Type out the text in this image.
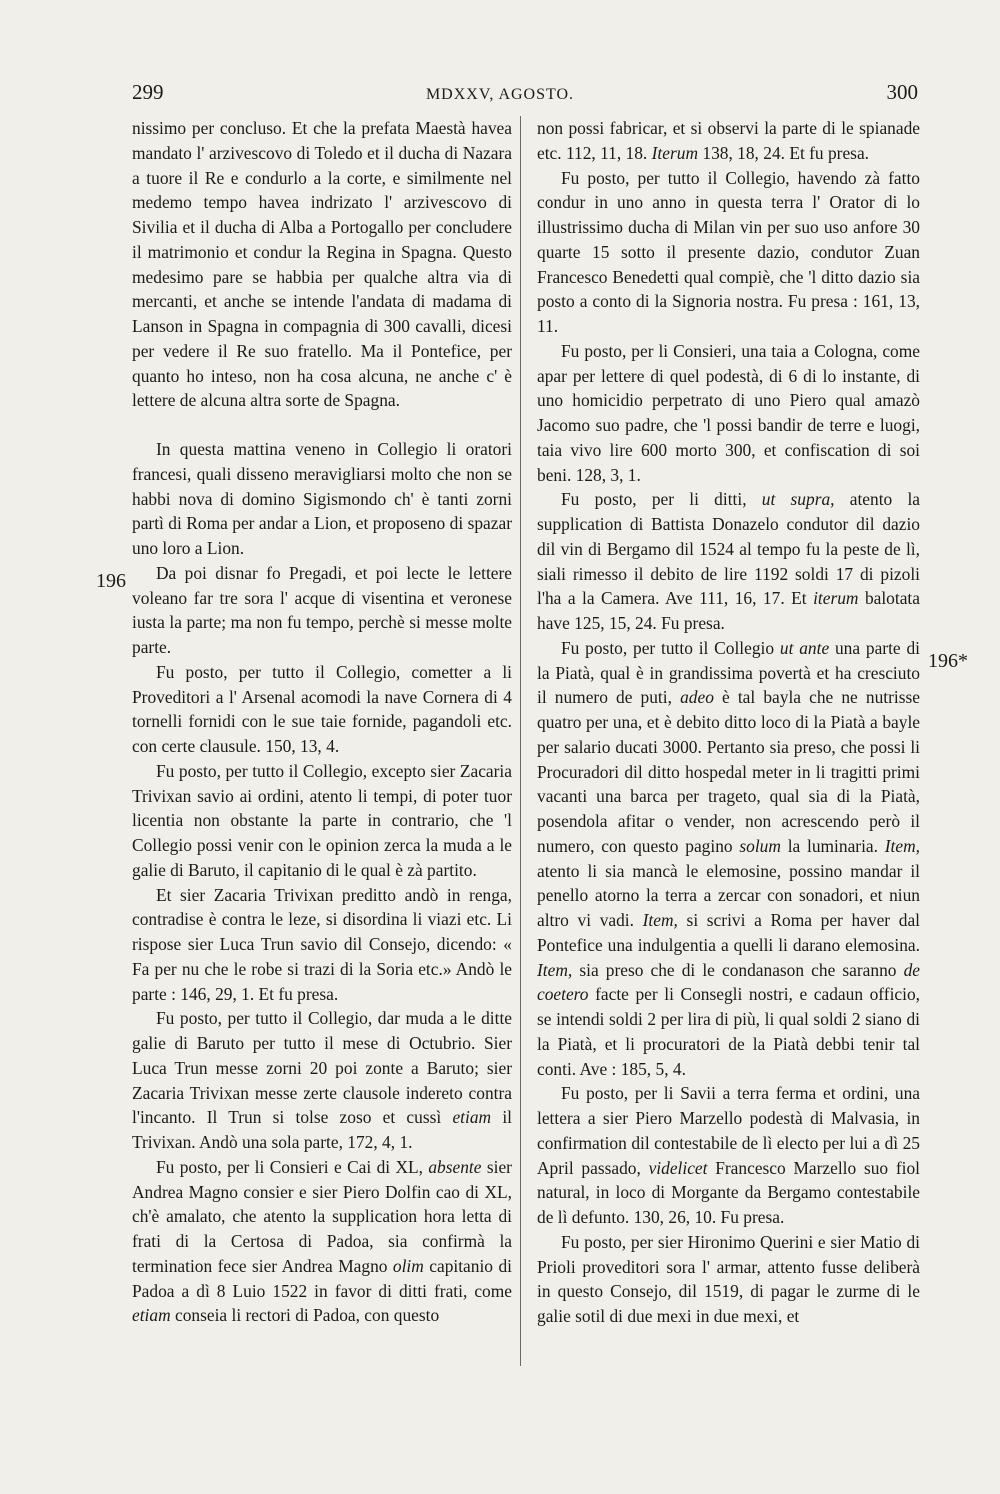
299	MDXXV, AGOSTO.	300
196
196*

nissimo per concluso. Et che la prefata Maestà havea mandato l' arzivescovo di Toledo et il ducha di Nazara a tuore il Re e condurlo a la corte, e similmente nel medemo tempo havea indrizato l' arzivescovo di Sivilia et il ducha di Alba a Portogallo per concludere il matrimonio et condur la Regina in Spagna. Questo medesimo pare se habbia per qualche altra via di mercanti, et anche se intende l'andata di madama di Lanson in Spagna in compagnia di 300 cavalli, dicesi per vedere il Re suo fratello. Ma il Pontefice, per quanto ho inteso, non ha cosa alcuna, ne anche c' è lettere de alcuna altra sorte de Spagna.

In questa mattina veneno in Collegio li oratori francesi, quali disseno meravigliarsi molto che non se habbi nova di domino Sigismondo ch' è tanti zorni partì di Roma per andar a Lion, et proposeno di spazar uno loro a Lion.

Da poi disnar fo Pregadi, et poi lecte le lettere voleano far tre sora l' acque di visentina et veronese iusta la parte; ma non fu tempo, perchè si messe molte parte.

Fu posto, per tutto il Collegio, cometter a li Proveditori a l' Arsenal acomodi la nave Cornera di 4 tornelli fornidi con le sue taie fornide, pagandoli etc. con certe clausule. 150, 13, 4.

Fu posto, per tutto il Collegio, excepto sier Zacaria Trivixan savio ai ordini, atento li tempi, di poter tuor licentia non obstante la parte in contrario, che 'l Collegio possi venir con le opinion zerca la muda a le galie di Baruto, il capitanio di le qual è zà partito.

Et sier Zacaria Trivixan preditto andò in renga, contradise è contra le leze, si disordina li viazi etc. Li rispose sier Luca Trun savio dil Consejo, dicendo: « Fa per nu che le robe si trazi di la Soria etc.» Andò le parte : 146, 29, 1. Et fu presa.

Fu posto, per tutto il Collegio, dar muda a le ditte galie di Baruto per tutto il mese di Octubrio. Sier Luca Trun messe zorni 20 poi zonte a Baruto; sier Zacaria Trivixan messe zerte clausole indereto contra l'incanto. Il Trun si tolse zoso et cussì etiam il Trivixan. Andò una sola parte, 172, 4, 1.

Fu posto, per li Consieri e Cai di XL, absente sier Andrea Magno consier e sier Piero Dolfin cao di XL, ch'è amalato, che atento la supplication hora letta di frati di la Certosa di Padoa, sia confirmà la termination fece sier Andrea Magno olim capitanio di Padoa a dì 8 Luio 1522 in favor di ditti frati, come etiam conseia li rectori di Padoa, con questo

non possi fabricar, et si observi la parte di le spianade etc. 112, 11, 18. Iterum 138, 18, 24. Et fu presa.

Fu posto, per tutto il Collegio, havendo zà fatto condur in uno anno in questa terra l' Orator di lo illustrissimo ducha di Milan vin per suo uso anfore 30 quarte 15 sotto il presente dazio, condutor Zuan Francesco Benedetti qual compiè, che 'l ditto dazio sia posto a conto di la Signoria nostra. Fu presa : 161, 13, 11.

Fu posto, per li Consieri, una taia a Cologna, come apar per lettere di quel podestà, di 6 di lo instante, di uno homicidio perpetrato di uno Piero qual amazò Jacomo suo padre, che 'l possi bandir de terre e luogi, taia vivo lire 600 morto 300, et confiscation di soi beni. 128, 3, 1.

Fu posto, per li ditti, ut supra, atento la supplication di Battista Donazelo condutor dil dazio dil vin di Bergamo dil 1524 al tempo fu la peste de lì, siali rimesso il debito de lire 1192 soldi 17 di pizoli l'ha a la Camera. Ave 111, 16, 17. Et iterum balotata have 125, 15, 24. Fu presa.

Fu posto, per tutto il Collegio ut ante una parte di la Piatà, qual è in grandissima povertà et ha cresciuto il numero de puti, adeo è tal bayla che ne nutrisse quatro per una, et è debito ditto loco di la Piatà a bayle per salario ducati 3000. Pertanto sia preso, che possi li Procuradori dil ditto hospedal meter in li tragitti primi vacanti una barca per trageto, qual sia di la Piatà, posendola afitar o vender, non acrescendo però il numero, con questo pagino solum la luminaria. Item, atento li sia mancà le elemosine, possino mandar il penello atorno la terra a zercar con sonadori, et niun altro vi vadi. Item, si scrivi a Roma per haver dal Pontefice una indulgentia a quelli li darano elemosina. Item, sia preso che di le condanason che saranno de coetero facte per li Consegli nostri, e cadaun officio, se intendi soldi 2 per lira di più, li qual soldi 2 siano di la Piatà, et li procuratori de la Piatà debbi tenir tal conti. Ave : 185, 5, 4.

Fu posto, per li Savii a terra ferma et ordini, una lettera a sier Piero Marzello podestà di Malvasia, in confirmation dil contestabile de lì electo per lui a dì 25 April passado, videlicet Francesco Marzello suo fiol natural, in loco di Morgante da Bergamo contestabile de lì defunto. 130, 26, 10. Fu presa.

Fu posto, per sier Hironimo Querini e sier Matio di Prioli proveditori sora l' armar, attento fusse deliberà in questo Consejo, dil 1519, di pagar le zurme di le galie sotil di due mexi in due mexi, et
